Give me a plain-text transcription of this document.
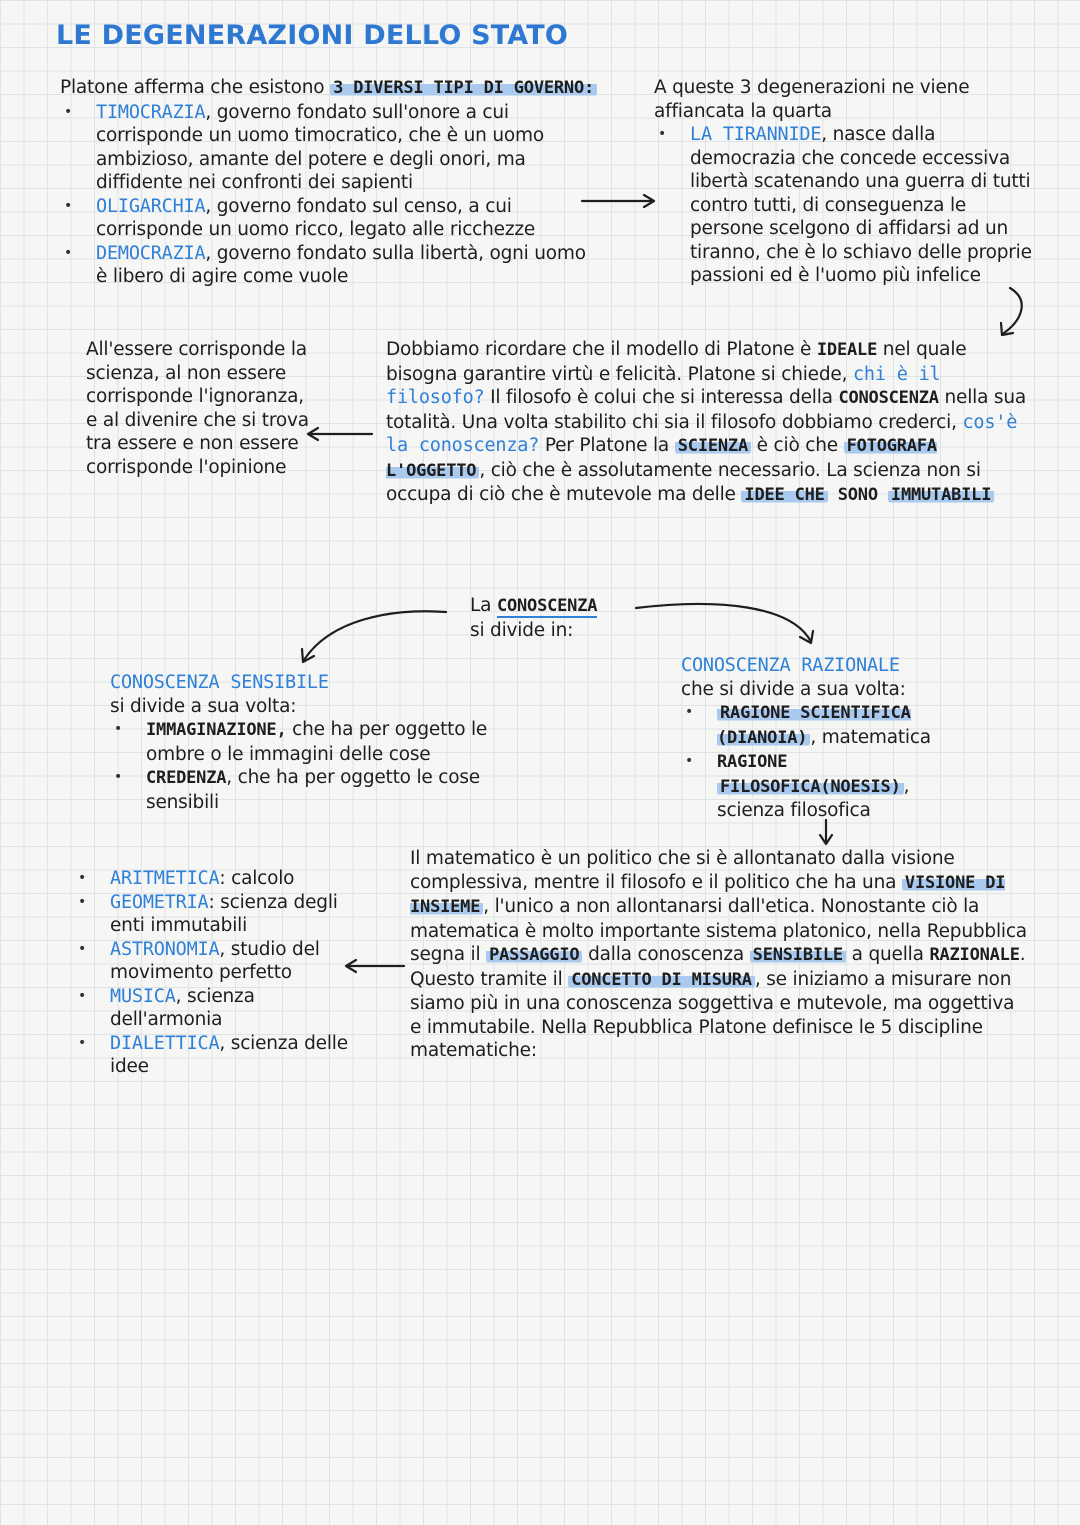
LE DEGENERAZIONI DELLO STATO
Platone afferma che esistono 3 DIVERSI TIPI DI GOVERNO:
• TIMOCRAZIA, governo fondato sull'onore a cui corrisponde un uomo timocratico, che è un uomo ambizioso, amante del potere e degli onori, ma diffidente nei confronti dei sapienti
• OLIGARCHIA, governo fondato sul censo, a cui corrisponde un uomo ricco, legato alle ricchezze
• DEMOCRAZIA, governo fondato sulla libertà, ogni uomo è libero di agire come vuole
A queste 3 degenerazioni ne viene affiancata la quarta
• LA TIRANNIDE, nasce dalla democrazia che concede eccessiva libertà scatenando una guerra di tutti contro tutti, di conseguenza le persone scelgono di affidarsi ad un tiranno, che è lo schiavo delle proprie passioni ed è l'uomo più infelice
All'essere corrisponde la scienza, al non essere corrisponde l'ignoranza, e al divenire che si trova tra essere e non essere corrisponde l'opinione
Dobbiamo ricordare che il modello di Platone è IDEALE nel quale bisogna garantire virtù e felicità. Platone si chiede, chi è il filosofo? Il filosofo è colui che si interessa della CONOSCENZA nella sua totalità. Una volta stabilito chi sia il filosofo dobbiamo crederci, cos'è la conoscenza? Per Platone la SCIENZA è ciò che FOTOGRAFA L'OGGETTO , ciò che è assolutamente necessario. La scienza non si occupa di ciò che è mutevole ma delle IDEE CHE SONO IMMUTABILI
La CONOSCENZA
si divide in:
CONOSCENZA SENSIBILE
si divide a sua volta:
• IMMAGINAZIONE, che ha per oggetto le ombre o le immagini delle cose
• CREDENZA, che ha per oggetto le cose sensibili
CONOSCENZA RAZIONALE
che si divide a sua volta:
• RAGIONE SCIENTIFICA (DIANOIA) , matematica
• RAGIONE FILOSOFICA(NOESIS) , scienza filosofica
Il matematico è un politico che si è allontanato dalla visione complessiva, mentre il filosofo e il politico che ha una VISIONE DI INSIEME , l'unico a non allontanarsi dall'etica. Nonostante ciò la matematica è molto importante sistema platonico, nella Repubblica segna il PASSAGGIO dalla conoscenza SENSIBILE a quella RAZIONALE. Questo tramite il CONCETTO DI MISURA , se iniziamo a misurare non siamo più in una conoscenza soggettiva e mutevole, ma oggettiva e immutabile. Nella Repubblica Platone definisce le 5 discipline matematiche:
• ARITMETICA: calcolo
• GEOMETRIA: scienza degli enti immutabili
• ASTRONOMIA, studio del movimento perfetto
• MUSICA, scienza dell'armonia
• DIALETTICA, scienza delle idee
